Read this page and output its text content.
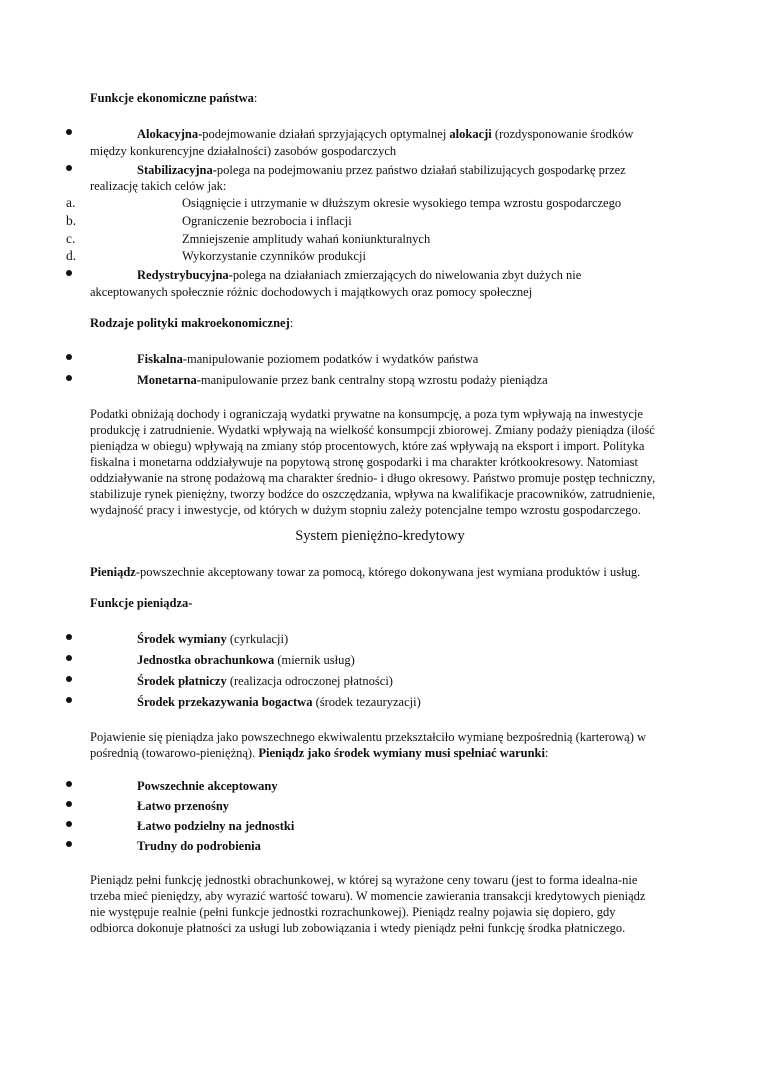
Funkcje ekonomiczne państwa:
Alokacyjna-podejmowanie działań sprzyjających optymalnej alokacji (rozdysponowanie środków
między konkurencyjne działalności) zasobów gospodarczych
Stabilizacyjna-polega na podejmowaniu przez państwo działań stabilizujących gospodarkę przez
realizację takich celów jak:
a.	Osiągnięcie i utrzymanie w dłuższym okresie wysokiego tempa wzrostu gospodarczego
b.	Ograniczenie bezrobocia i inflacji
c.	Zmniejszenie amplitudy wahań koniunkturalnych
d.	Wykorzystanie czynników produkcji
Redystrybucyjna-polega na działaniach zmierzających do niwelowania zbyt dużych nie
akceptowanych społecznie różnic dochodowych i majątkowych oraz pomocy społecznej
Rodzaje polityki makroekonomicznej:
Fiskalna-manipulowanie poziomem podatków i wydatków państwa
Monetarna-manipulowanie przez bank centralny stopą wzrostu podaży pieniądza
Podatki obniżają dochody i ograniczają wydatki prywatne na konsumpcję, a poza tym wpływają na inwestycje
produkcję i zatrudnienie. Wydatki wpływają na wielkość konsumpcji zbiorowej. Zmiany podaży pieniądza (ilość
pieniądza w obiegu) wpływają na zmiany stóp procentowych, które zaś wpływają na eksport i import. Polityka
fiskalna i monetarna oddziaływuje na popytową stronę gospodarki i ma charakter krótkookresowy. Natomiast
oddziaływanie na stronę podażową ma charakter średnio- i długo okresowy. Państwo promuje postęp techniczny,
stabilizuje rynek pieniężny, tworzy bodźce do oszczędzania, wpływa na kwalifikacje pracowników, zatrudnienie,
wydajność pracy i inwestycje, od których w dużym stopniu zależy potencjalne tempo wzrostu gospodarczego.
System pieniężno-kredytowy
Pieniądz-powszechnie akceptowany towar za pomocą, którego dokonywana jest wymiana produktów i usług.
Funkcje pieniądza-
Środek wymiany (cyrkulacji)
Jednostka obrachunkowa (miernik usług)
Środek płatniczy (realizacja odroczonej płatności)
Środek przekazywania bogactwa (środek tezauryzacji)
Pojawienie się pieniądza jako powszechnego ekwiwalentu przekształciło wymianę bezpośrednią (karterową) w
pośrednią (towarowo-pieniężną). Pieniądz jako środek wymiany musi spełniać warunki:
Powszechnie akceptowany
Łatwo przenośny
Łatwo podzielny na jednostki
Trudny do podrobienia
Pieniądz pełni funkcję jednostki obrachunkowej, w której są wyrażone ceny towaru (jest to forma idealna-nie
trzeba mieć pieniędzy, aby wyrazić wartość towaru). W momencie zawierania transakcji kredytowych pieniądz
nie występuje realnie (pełni funkcje jednostki rozrachunkowej). Pieniądz realny pojawia się dopiero, gdy
odbiorca dokonuje płatności za usługi lub zobowiązania i wtedy pieniądz pełni funkcję środka płatniczego.
